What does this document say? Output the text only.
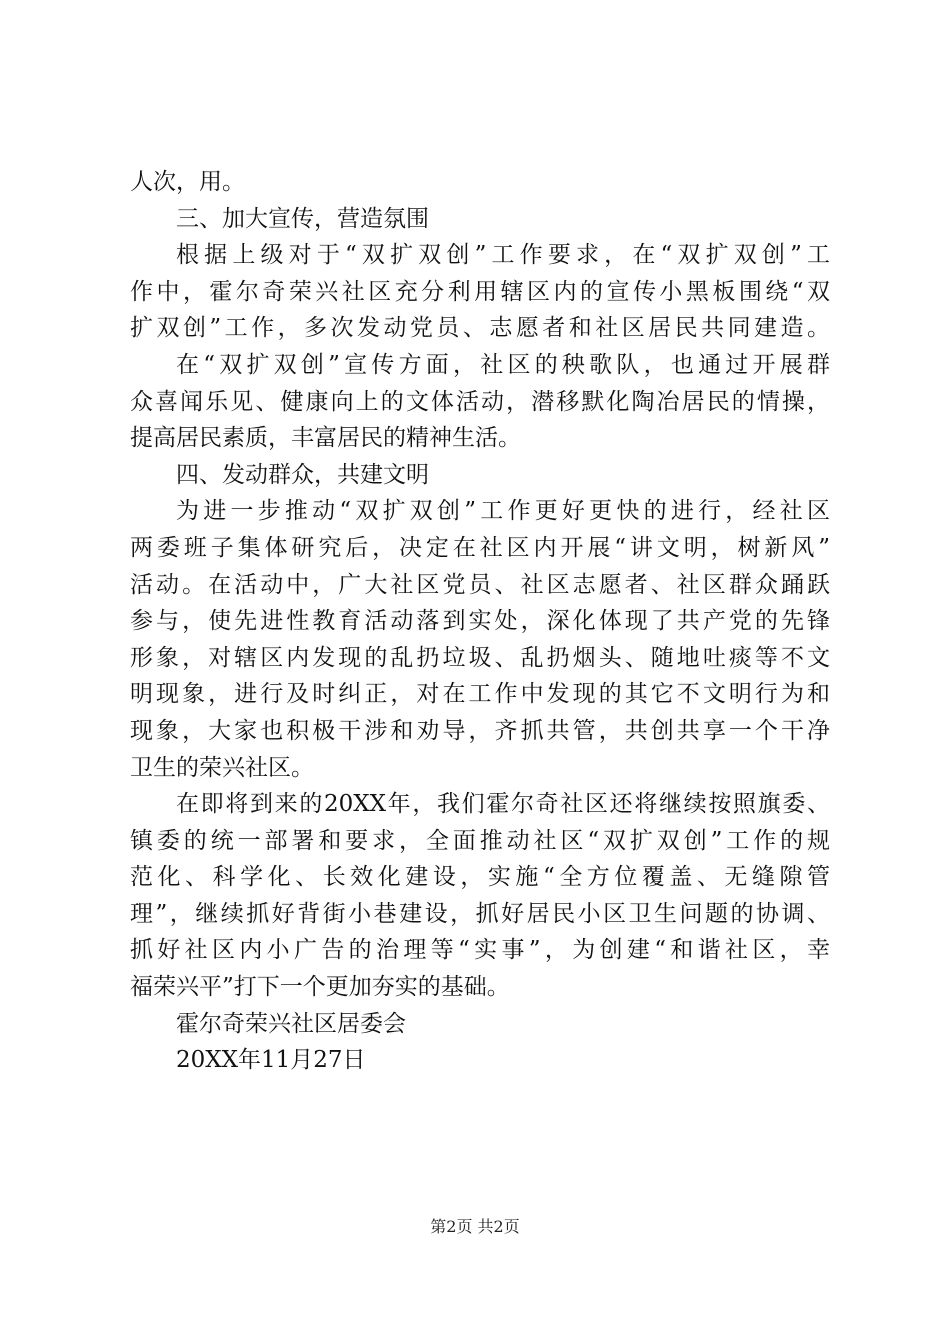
人次，用。
三、加大宣传，营造氛围
根据上级对于“双扩双创”工作要求，在“双扩双创”工
作中，霍尔奇荣兴社区充分利用辖区内的宣传小黑板围绕“双
扩双创”工作，多次发动党员、志愿者和社区居民共同建造。
在“双扩双创”宣传方面，社区的秧歌队，也通过开展群
众喜闻乐见、健康向上的文体活动，潜移默化陶冶居民的情操，
提高居民素质，丰富居民的精神生活。
四、发动群众，共建文明
为进一步推动“双扩双创”工作更好更快的进行，经社区
两委班子集体研究后，决定在社区内开展“讲文明，树新风”
活动。在活动中，广大社区党员、社区志愿者、社区群众踊跃
参与，使先进性教育活动落到实处，深化体现了共产党的先锋
形象，对辖区内发现的乱扔垃圾、乱扔烟头、随地吐痰等不文
明现象，进行及时纠正，对在工作中发现的其它不文明行为和
现象，大家也积极干涉和劝导，齐抓共管，共创共享一个干净
卫生的荣兴社区。
在即将到来的20XX年，我们霍尔奇社区还将继续按照旗委、
镇委的统一部署和要求，全面推动社区“双扩双创”工作的规
范化、科学化、长效化建设，实施“全方位覆盖、无缝隙管
理”，继续抓好背街小巷建设，抓好居民小区卫生问题的协调、
抓好社区内小广告的治理等“实事”，为创建“和谐社区，幸
福荣兴平”打下一个更加夯实的基础。
霍尔奇荣兴社区居委会
20XX年11月27日
第2页 共2页
